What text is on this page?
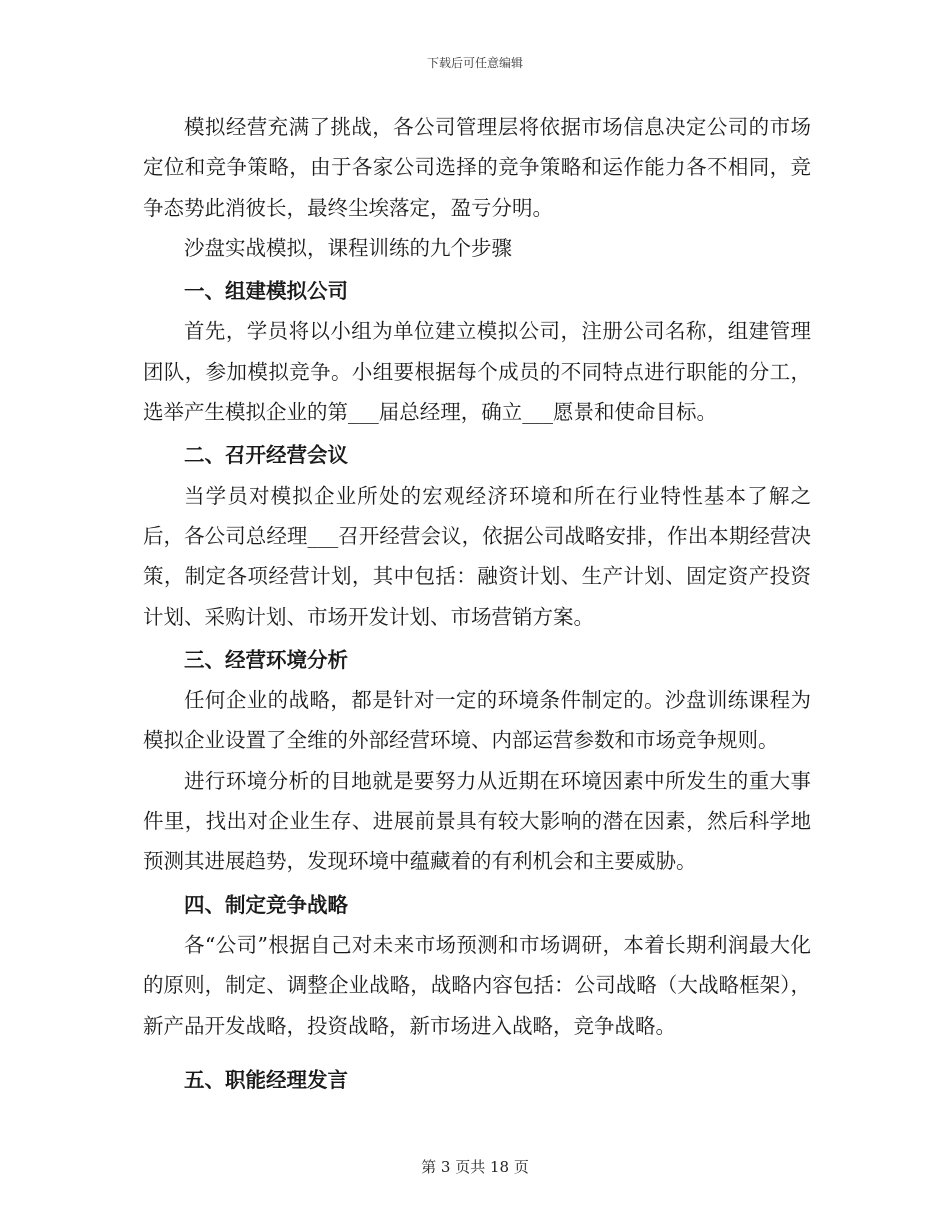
下载后可任意编辑

模拟经营充满了挑战，各公司管理层将依据市场信息决定公司的市场定位和竞争策略，由于各家公司选择的竞争策略和运作能力各不相同，竞争态势此消彼长，最终尘埃落定，盈亏分明。

沙盘实战模拟，课程训练的九个步骤

一、组建模拟公司

首先，学员将以小组为单位建立模拟公司，注册公司名称，组建管理团队，参加模拟竞争。小组要根据每个成员的不同特点进行职能的分工，选举产生模拟企业的第___届总经理，确立___愿景和使命目标。

二、召开经营会议

当学员对模拟企业所处的宏观经济环境和所在行业特性基本了解之后，各公司总经理___召开经营会议，依据公司战略安排，作出本期经营决策，制定各项经营计划，其中包括：融资计划、生产计划、固定资产投资计划、采购计划、市场开发计划、市场营销方案。

三、经营环境分析

任何企业的战略，都是针对一定的环境条件制定的。沙盘训练课程为模拟企业设置了全维的外部经营环境、内部运营参数和市场竞争规则。

进行环境分析的目地就是要努力从近期在环境因素中所发生的重大事件里，找出对企业生存、进展前景具有较大影响的潜在因素，然后科学地预测其进展趋势，发现环境中蕴藏着的有利机会和主要威胁。

四、制定竞争战略

各“公司”根据自己对未来市场预测和市场调研，本着长期利润最大化的原则，制定、调整企业战略，战略内容包括：公司战略（大战略框架），新产品开发战略，投资战略，新市场进入战略，竞争战略。

五、职能经理发言

第 3 页共 18 页
